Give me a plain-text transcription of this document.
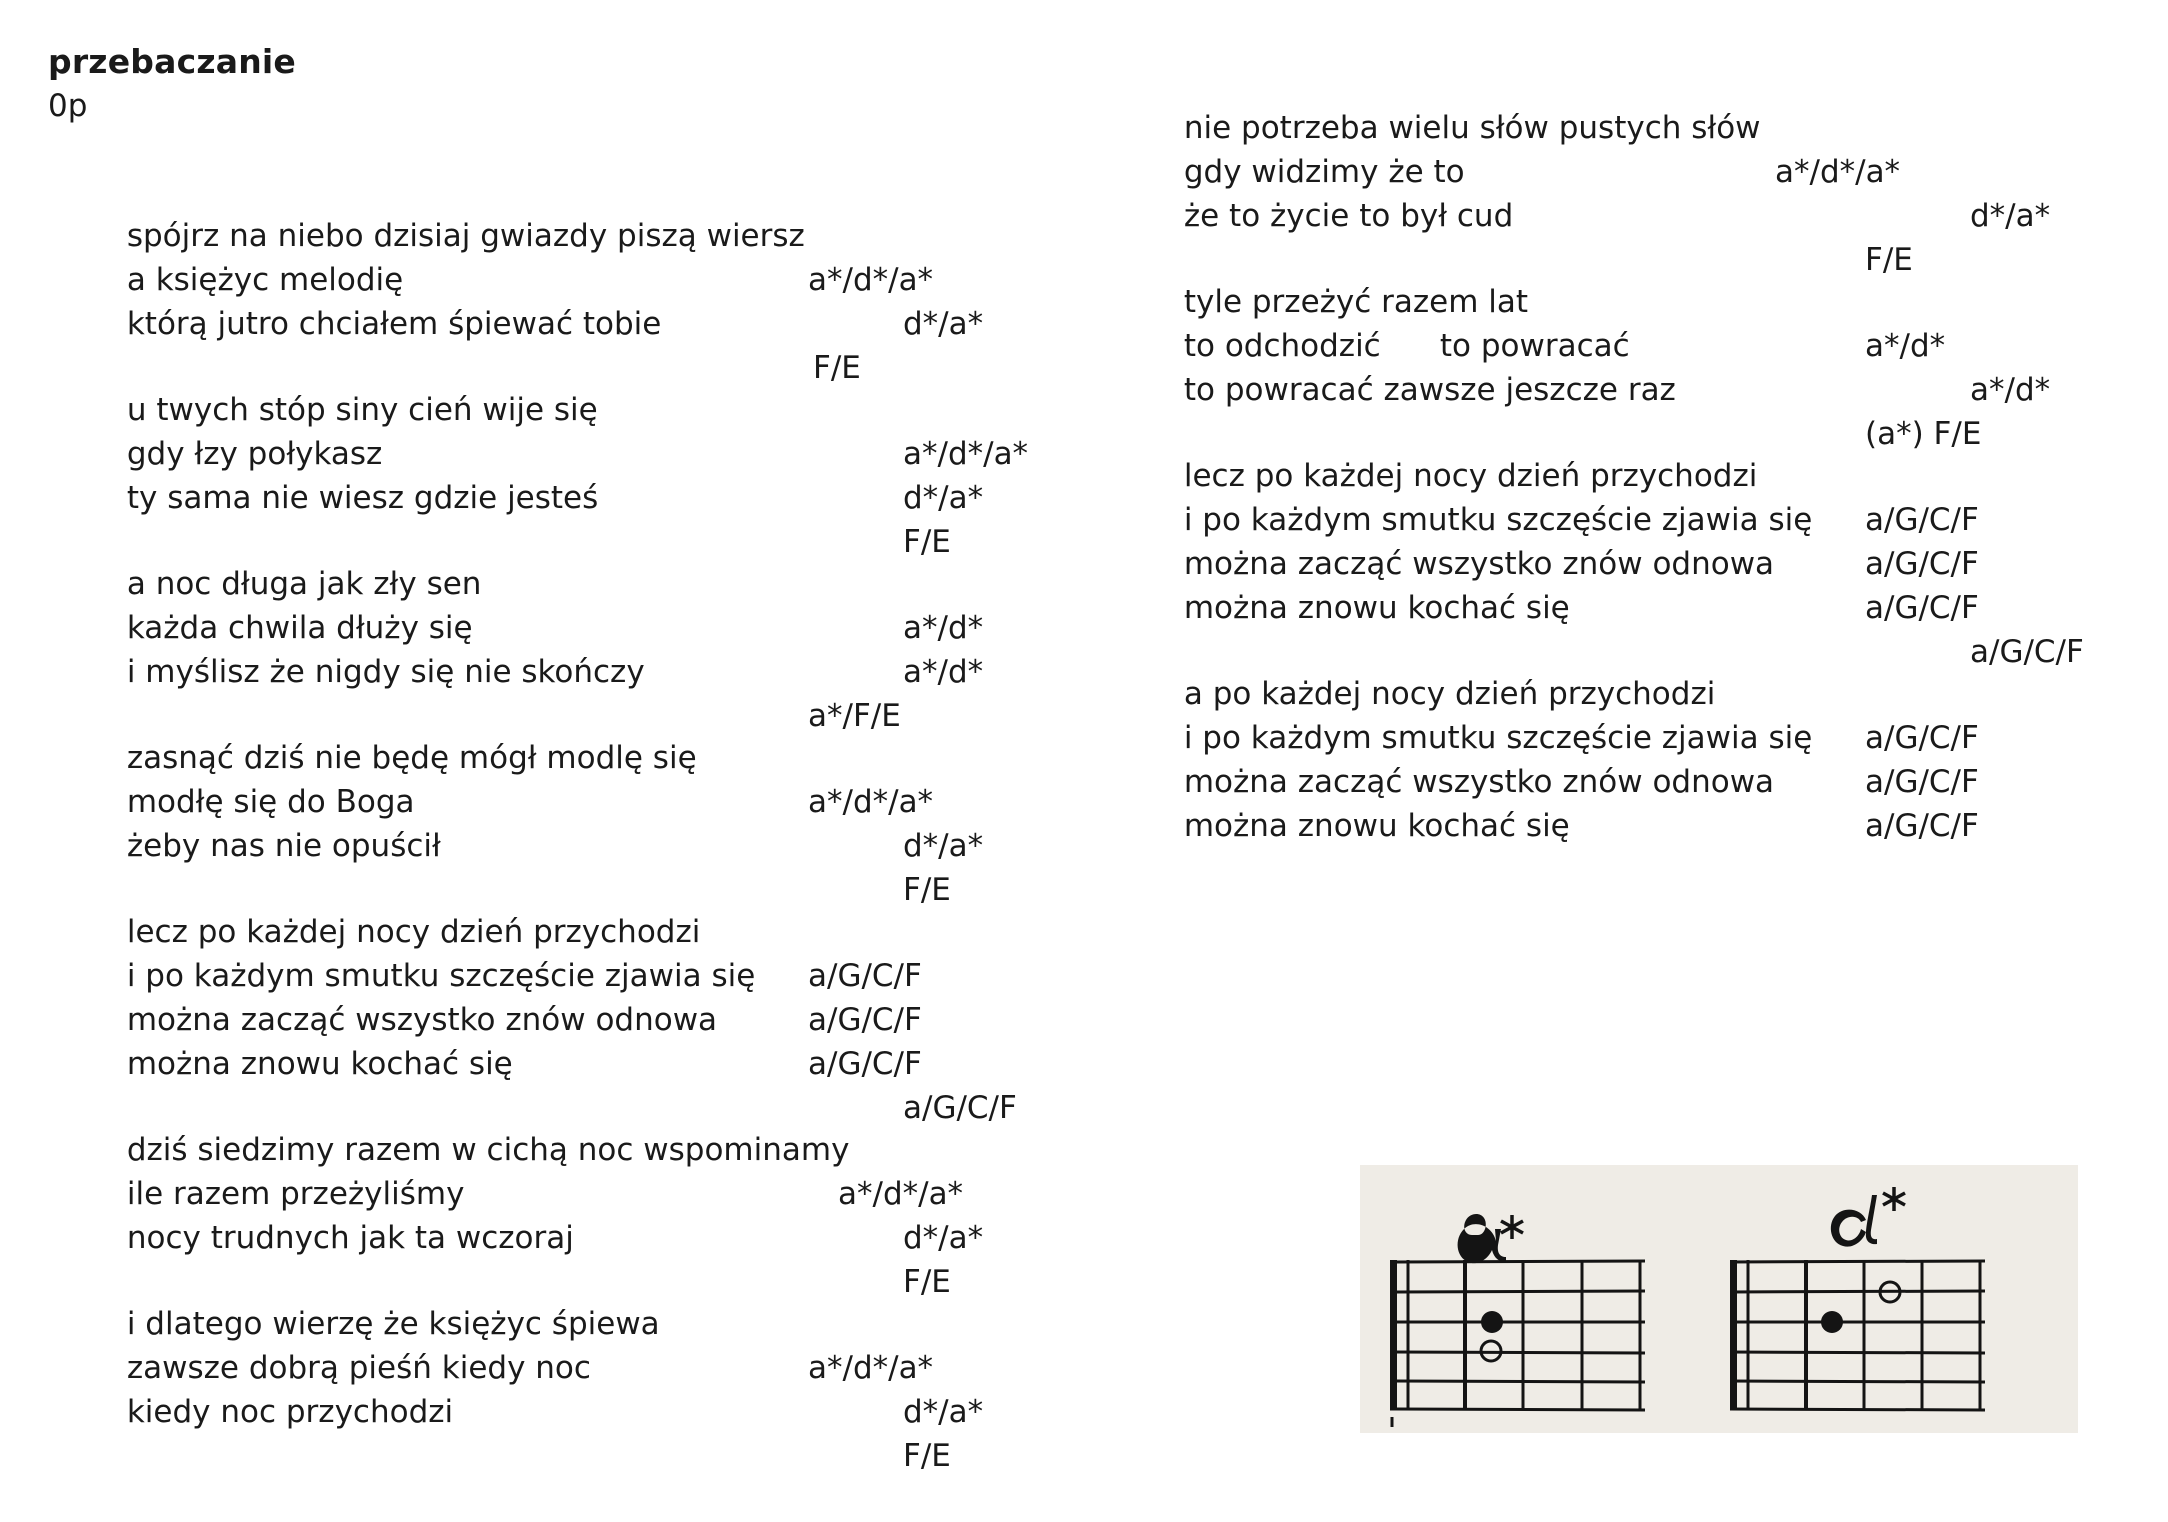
przebaczanie
0p

spójrz na niebo dzisiaj gwiazdy piszą wiersz

a*/d*/a*

a księżyc melodię

d*/a*

którą jutro chciałem śpiewać tobie

F/E

u twych stóp siny cień wije się

a*/d*/a*

gdy łzy połykasz

d*/a*

ty sama nie wiesz gdzie jesteś

F/E

a noc długa jak zły sen

a*/d*

każda chwila dłuży się

a*/d*

i myślisz że nigdy się nie skończy

a*/F/E

zasnąć dziś nie będę mógł modlę się

a*/d*/a*

modłę się do Boga

d*/a*

żeby nas nie opuścił

F/E

lecz po każdej nocy dzień przychodzi

a/G/C/F

i po każdym smutku szczęście zjawia się

a/G/C/F

można zacząć wszystko znów odnowa

a/G/C/F

można znowu kochać się

a/G/C/F

dziś siedzimy razem w cichą noc wspominamy

a*/d*/a*

ile razem przeżyliśmy

d*/a*

nocy trudnych jak ta wczoraj

F/E

i dlatego wierzę że księżyc śpiewa

a*/d*/a*

zawsze dobrą pieśń kiedy noc

d*/a*

kiedy noc przychodzi

F/E

nie potrzeba wielu słów pustych słów

a*/d*/a*

gdy widzimy że to

d*/a*

że to życie to był cud

F/E

tyle przeżyć razem lat

a*/d*

to odchodzić      to powracać

a*/d*

to powracać zawsze jeszcze raz

(a*) F/E

lecz po każdej nocy dzień przychodzi

a/G/C/F

i po każdym smutku szczęście zjawia się

a/G/C/F

można zacząć wszystko znów odnowa

a/G/C/F

można znowu kochać się

a/G/C/F

a po każdej nocy dzień przychodzi

a/G/C/F

i po każdym smutku szczęście zjawia się

a/G/C/F

można zacząć wszystko znów odnowa

a/G/C/F

można znowu kochać się
